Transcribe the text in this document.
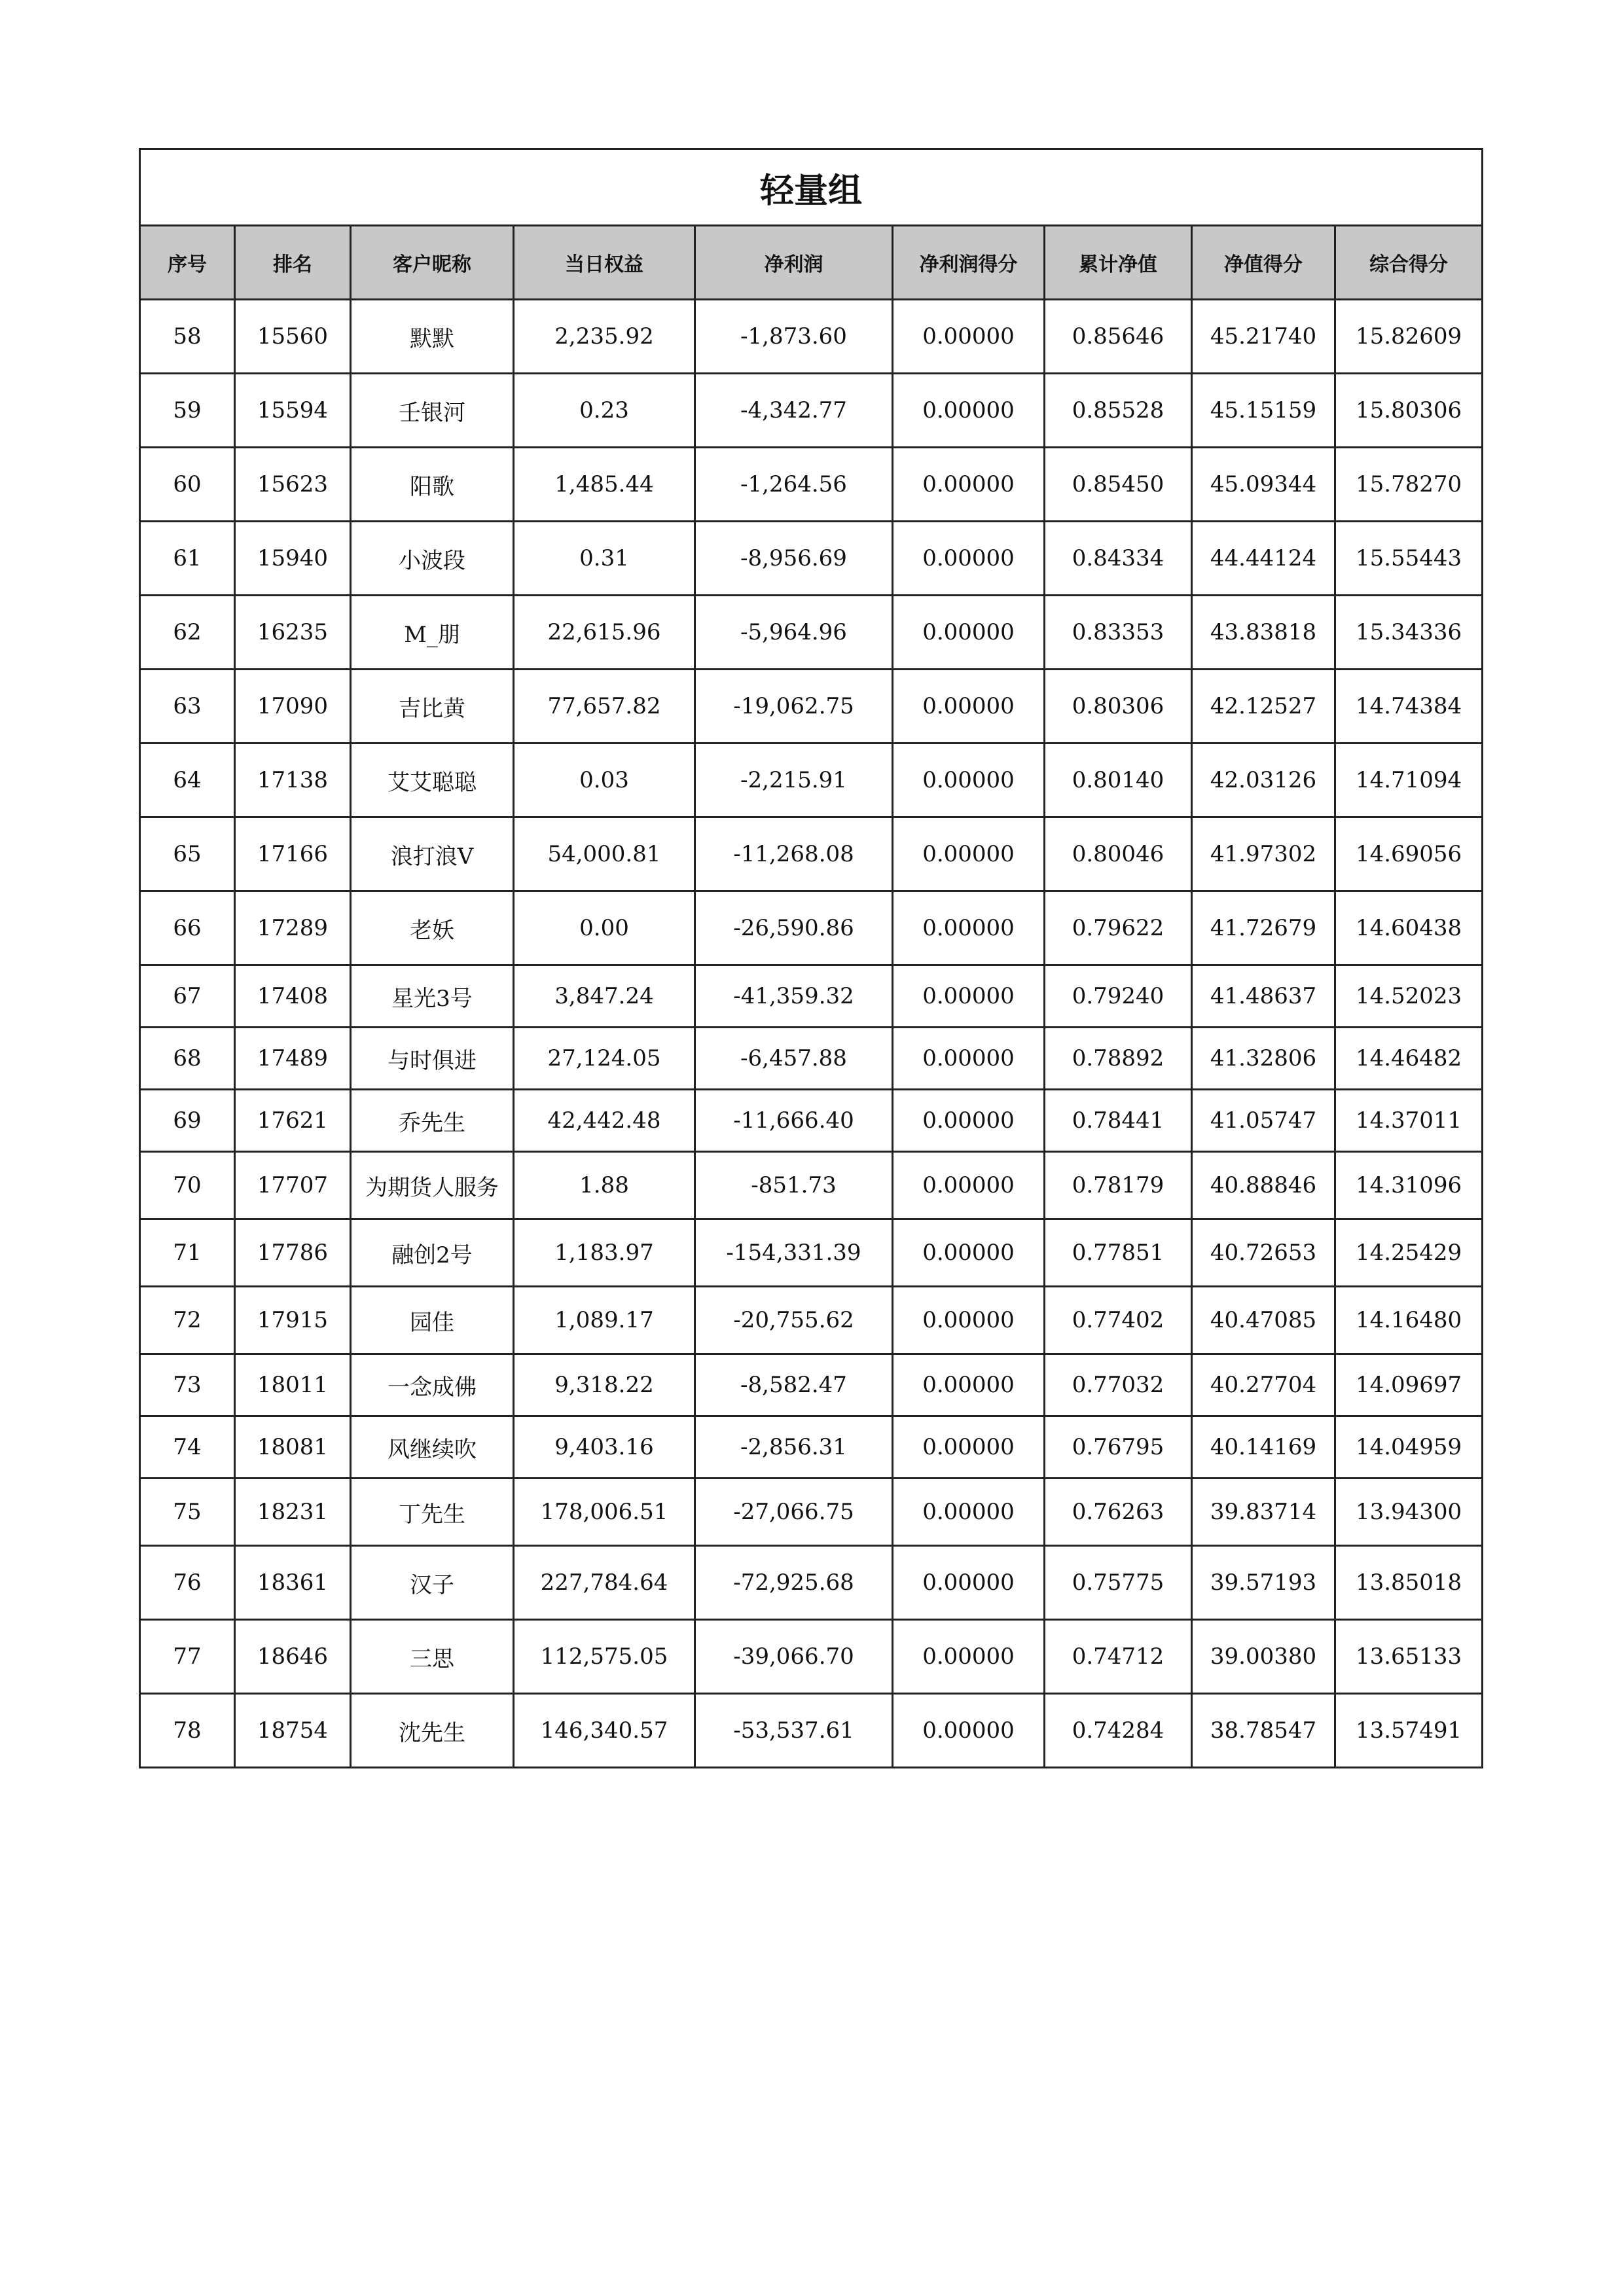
轻量组								
序号	排名	客户昵称	当日权益	净利润	净利润得分	累计净值	净值得分	综合得分
58	15560	默默	2,235.92	-1,873.60	0.00000	0.85646	45.21740	15.82609
59	15594	壬银河	0.23	-4,342.77	0.00000	0.85528	45.15159	15.80306
60	15623	阳歌	1,485.44	-1,264.56	0.00000	0.85450	45.09344	15.78270
61	15940	小波段	0.31	-8,956.69	0.00000	0.84334	44.44124	15.55443
62	16235	M_朋	22,615.96	-5,964.96	0.00000	0.83353	43.83818	15.34336
63	17090	吉比黄	77,657.82	-19,062.75	0.00000	0.80306	42.12527	14.74384
64	17138	艾艾聪聪	0.03	-2,215.91	0.00000	0.80140	42.03126	14.71094
65	17166	浪打浪V	54,000.81	-11,268.08	0.00000	0.80046	41.97302	14.69056
66	17289	老妖	0.00	-26,590.86	0.00000	0.79622	41.72679	14.60438
67	17408	星光3号	3,847.24	-41,359.32	0.00000	0.79240	41.48637	14.52023
68	17489	与时俱进	27,124.05	-6,457.88	0.00000	0.78892	41.32806	14.46482
69	17621	乔先生	42,442.48	-11,666.40	0.00000	0.78441	41.05747	14.37011
70	17707	为期货人服务	1.88	-851.73	0.00000	0.78179	40.88846	14.31096
71	17786	融创2号	1,183.97	-154,331.39	0.00000	0.77851	40.72653	14.25429
72	17915	园佳	1,089.17	-20,755.62	0.00000	0.77402	40.47085	14.16480
73	18011	一念成佛	9,318.22	-8,582.47	0.00000	0.77032	40.27704	14.09697
74	18081	风继续吹	9,403.16	-2,856.31	0.00000	0.76795	40.14169	14.04959
75	18231	丁先生	178,006.51	-27,066.75	0.00000	0.76263	39.83714	13.94300
76	18361	汉子	227,784.64	-72,925.68	0.00000	0.75775	39.57193	13.85018
77	18646	三思	112,575.05	-39,066.70	0.00000	0.74712	39.00380	13.65133
78	18754	沈先生	146,340.57	-53,537.61	0.00000	0.74284	38.78547	13.57491
